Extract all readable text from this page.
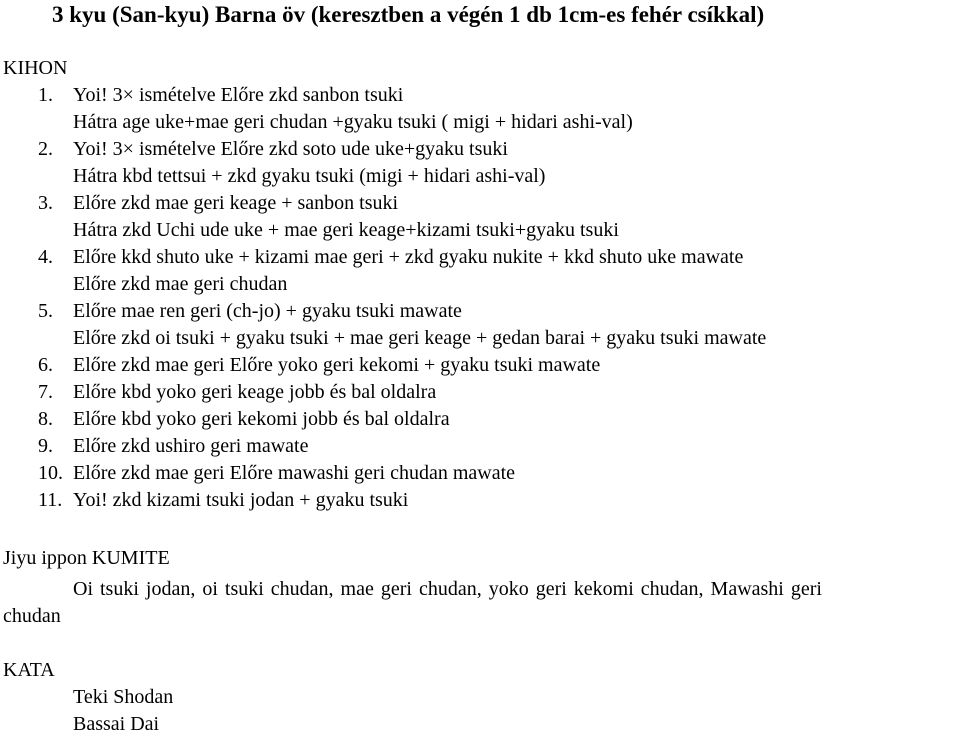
3 kyu (San-kyu) Barna öv (keresztben a végén 1 db 1cm-es fehér csíkkal)
KIHON
1. Yoi! 3× ismételve Előre zkd sanbon tsuki
Hátra age uke+mae geri chudan +gyaku tsuki ( migi + hidari ashi-val)
2. Yoi! 3× ismételve Előre zkd soto ude uke+gyaku tsuki
Hátra kbd tettsui + zkd gyaku tsuki (migi + hidari ashi-val)
3. Előre zkd mae geri keage + sanbon tsuki
Hátra zkd Uchi ude uke + mae geri keage+kizami tsuki+gyaku tsuki
4. Előre kkd shuto uke + kizami mae geri + zkd gyaku nukite + kkd shuto uke mawate
Előre zkd mae geri chudan
5. Előre mae ren geri (ch-jo) + gyaku tsuki mawate
Előre zkd oi tsuki + gyaku tsuki + mae geri keage + gedan barai + gyaku tsuki mawate
6. Előre zkd mae geri Előre yoko geri kekomi + gyaku tsuki mawate
7. Előre kbd yoko geri keage jobb és bal oldalra
8. Előre kbd yoko geri kekomi jobb és bal oldalra
9. Előre zkd ushiro geri mawate
10. Előre zkd mae geri Előre mawashi geri chudan mawate
11. Yoi! zkd kizami tsuki jodan + gyaku tsuki
Jiyu ippon KUMITE
Oi tsuki jodan, oi tsuki chudan, mae geri chudan, yoko geri kekomi chudan, Mawashi geri
chudan
KATA
Teki Shodan
Bassai Dai
